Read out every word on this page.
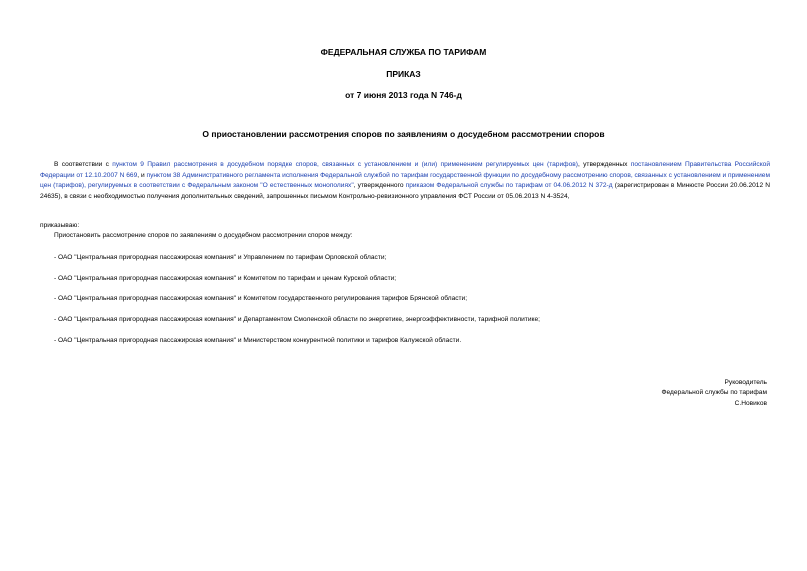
ФЕДЕРАЛЬНАЯ СЛУЖБА ПО ТАРИФАМ
ПРИКАЗ
от 7 июня 2013 года N 746-д
О приостановлении рассмотрения споров по заявлениям о досудебном рассмотрении споров
В соответствии с пунктом 9 Правил рассмотрения в досудебном порядке споров, связанных с установлением и (или) применением регулируемых цен (тарифов), утвержденных постановлением Правительства Российской Федерации от 12.10.2007 N 669, и пунктом 38 Административного регламента исполнения Федеральной службой по тарифам государственной функции по досудебному рассмотрению споров, связанных с установлением и применением цен (тарифов), регулируемых в соответствии с Федеральным законом "О естественных монополиях", утвержденного приказом Федеральной службы по тарифам от 04.06.2012 N 372-д (зарегистрирован в Минюсте России 20.06.2012 N 24635), в связи с необходимостью получения дополнительных сведений, запрошенных письмом Контрольно-ревизионного управления ФСТ России от 05.06.2013 N 4-3524,
приказываю:
Приостановить рассмотрение споров по заявлениям о досудебном рассмотрении споров между:
- ОАО "Центральная пригородная пассажирская компания" и Управлением по тарифам Орловской области;
- ОАО "Центральная пригородная пассажирская компания" и Комитетом по тарифам и ценам Курской области;
- ОАО "Центральная пригородная пассажирская компания" и Комитетом государственного регулирования тарифов Брянской области;
- ОАО "Центральная пригородная пассажирская компания" и Департаментом Смоленской области по энергетике, энергоэффективности, тарифной политике;
- ОАО "Центральная пригородная пассажирская компания" и Министерством конкурентной политики и тарифов Калужской области.
Руководитель
Федеральной службы по тарифам
С.Новиков
